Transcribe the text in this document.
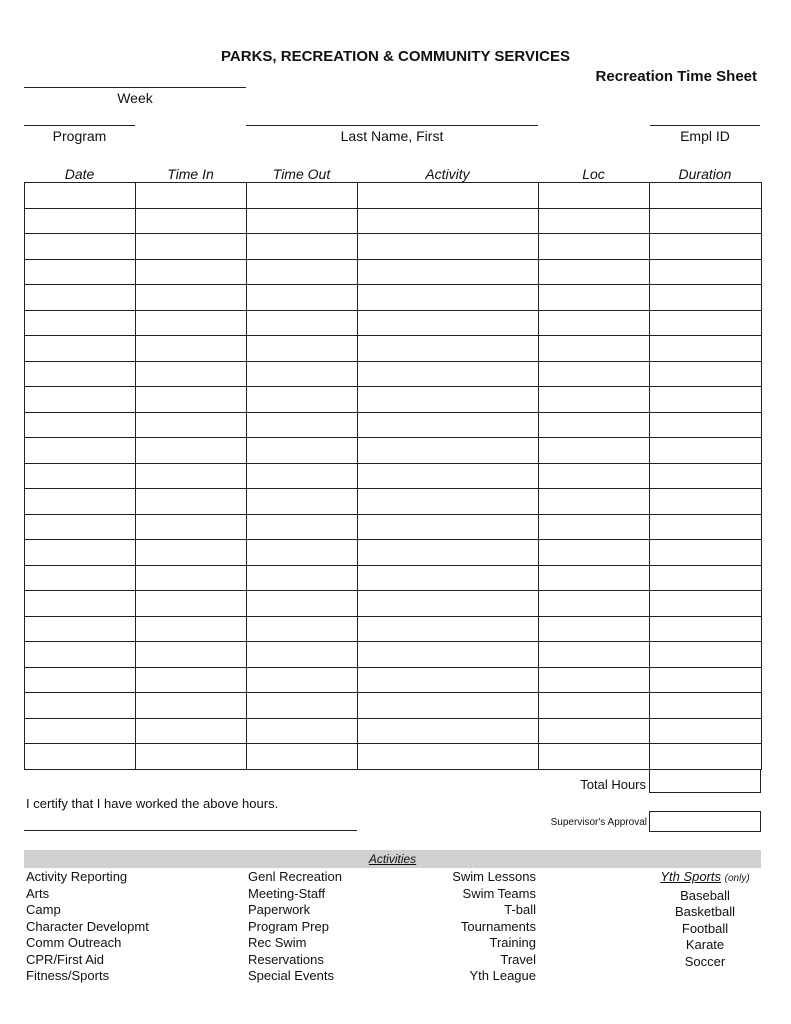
PARKS, RECREATION & COMMUNITY SERVICES
Recreation Time Sheet
Week
Program	Last Name, First	Empl ID
Date	Time In	Time Out	Activity	Loc	Duration

Total Hours
I certify that I have worked the above hours.
Supervisor's Approval
Activities
Activity Reporting
Arts
Camp
Character Developmt
Comm Outreach
CPR/First Aid
Fitness/Sports
Genl Recreation
Meeting-Staff
Paperwork
Program Prep
Rec Swim
Reservations
Special Events
Swim Lessons
Swim Teams
T-ball
Tournaments
Training
Travel
Yth League
Yth Sports (only)
Baseball
Basketball
Football
Karate
Soccer
